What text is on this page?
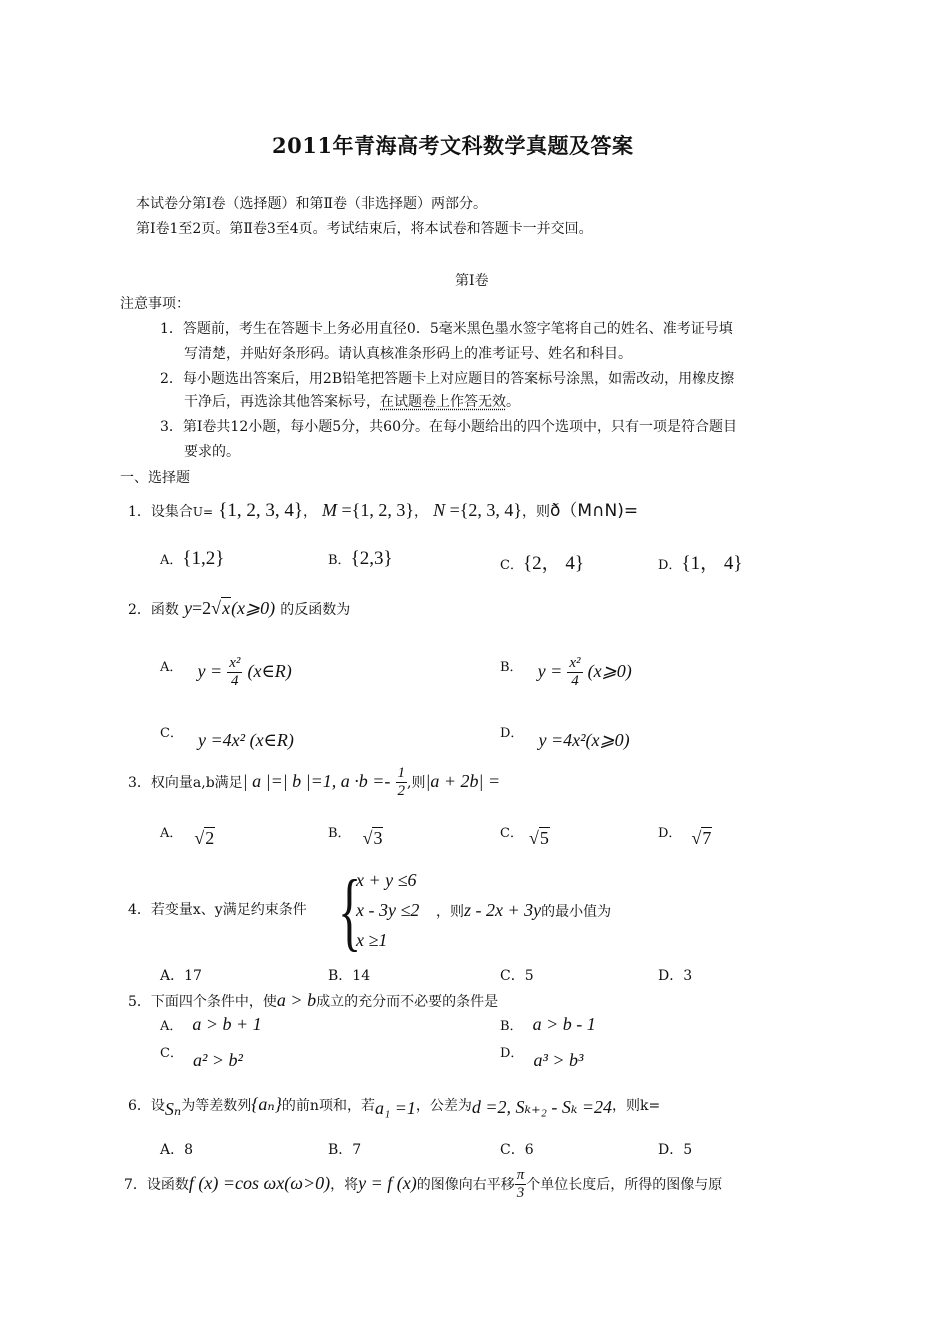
2011年青海高考文科数学真题及答案
本试卷分第Ⅰ卷（选择题）和第Ⅱ卷（非选择题）两部分。
第Ⅰ卷1至2页。第Ⅱ卷3至4页。考试结束后，将本试卷和答题卡一并交回。
第Ⅰ卷
注意事项：
1．答题前，考生在答题卡上务必用直径0．5毫米黑色墨水签字笔将自己的姓名、准考证号填
写清楚，并贴好条形码。请认真核准条形码上的准考证号、姓名和科目。
2．每小题选出答案后，用2B铅笔把答题卡上对应题目的答案标号涂黑，如需改动，用橡皮擦
干净后，再选涂其他答案标号，在试题卷上作答无效。
3．第Ⅰ卷共12小题，每小题5分，共60分。在每小题给出的四个选项中，只有一项是符合题目
要求的。
一、选择题
1．设集合U= {1, 2, 3, 4}， M ={1, 2, 3}， N ={2, 3, 4}，则ð（M∩N)=
A．{1,2}	B．{2,3}	C．{2， 4}	D．{1， 4}
2．函数 y=2√x(x⩾0) 的反函数为
$^{A.}$ $y = \frac{\text{x²}}{4}$ (x∈R)	$^{B.}$ $y = \frac{\text{x²}}{4}$ (x⩾0)
$^{C.}$ y =4x² (x∈R)	$^{D.}$ y =4x²(x⩾0)
3．权向量a,b满足| a |=| b |=1, $a \cdot b =- \frac{1}{2}$ ,则|a + 2b| =
$^{A.}$ √2	$^{B.}$ √3	$^{C.}$ √5	$^{D.}$ √7
4．若变量x、y满足约束条件 {
x + y ≤6
x - 3y ≤2
x ≥1
，则z - 2x + 3y的最小值为
A．17	B．14	C．5	D．3
5．下面四个条件中，使a > b成立的充分而不必要的条件是
A． a > b + 1	B． a > b - 1
$^{C.}$ a² > b²	$^{D.}$ a³ > b³
6．设Sₙ为等差数列{aₙ}的前n项和，若a₁ =1，公差为d =2, Sₖ₊₂ - Sₖ =24，则k=
A．8	B．7	C．6	D．5
7．设函数f (x) =cos ωx(ω>0)，将y = f (x)的图像向右平移 $\frac{\pi}{3}$ 个单位长度后，所得的图像与原
